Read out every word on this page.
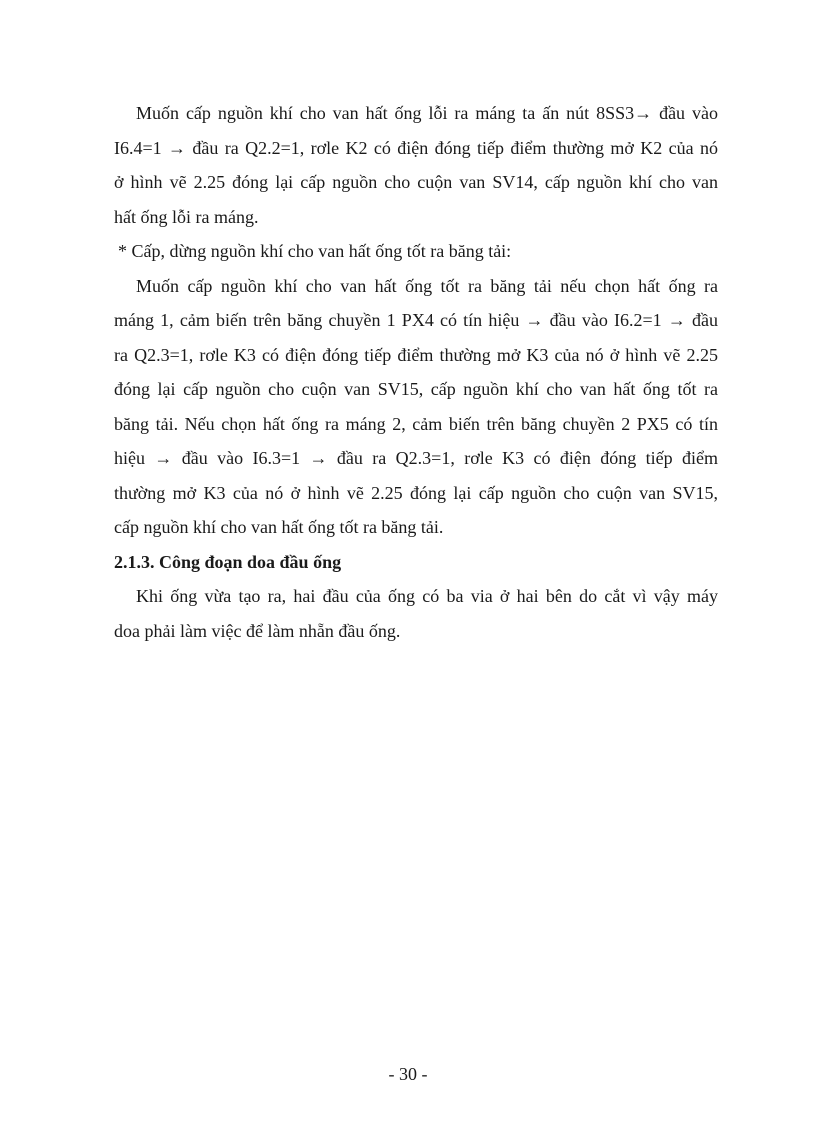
Muốn cấp nguồn khí cho van hất ống lỗi ra máng ta ấn nút 8SS3→ đầu vào

I6.4=1 → đầu ra Q2.2=1, rơle K2 có điện đóng tiếp điểm thường mở K2 của nó

ở hình vẽ 2.25 đóng lại cấp nguồn cho cuộn van SV14, cấp nguồn khí cho van

hất ống lỗi ra máng.

* Cấp, dừng nguồn khí cho van hất ống tốt ra băng tải:

Muốn cấp nguồn khí cho van hất ống tốt ra băng tải nếu chọn hất ống ra

máng 1, cảm biến trên băng chuyền 1 PX4 có tín hiệu → đầu vào I6.2=1 → đầu

ra Q2.3=1, rơle K3 có điện đóng tiếp điểm thường mở K3 của nó ở hình vẽ 2.25

đóng lại cấp nguồn cho cuộn van SV15, cấp nguồn khí cho van hất ống tốt ra

băng tải. Nếu chọn hất ống ra máng 2, cảm biến trên băng chuyền 2 PX5 có tín

hiệu → đầu vào I6.3=1 → đầu ra Q2.3=1, rơle K3 có điện đóng tiếp điểm

thường mở K3 của nó ở hình vẽ 2.25 đóng lại cấp nguồn cho cuộn van SV15,

cấp nguồn khí cho van hất ống tốt ra băng tải.

2.1.3. Công đoạn doa đầu ống

Khi ống vừa tạo ra, hai đầu của ống có ba via ở hai bên do cắt vì vậy máy

doa phải làm việc để làm nhẵn đầu ống.

- 30 -
